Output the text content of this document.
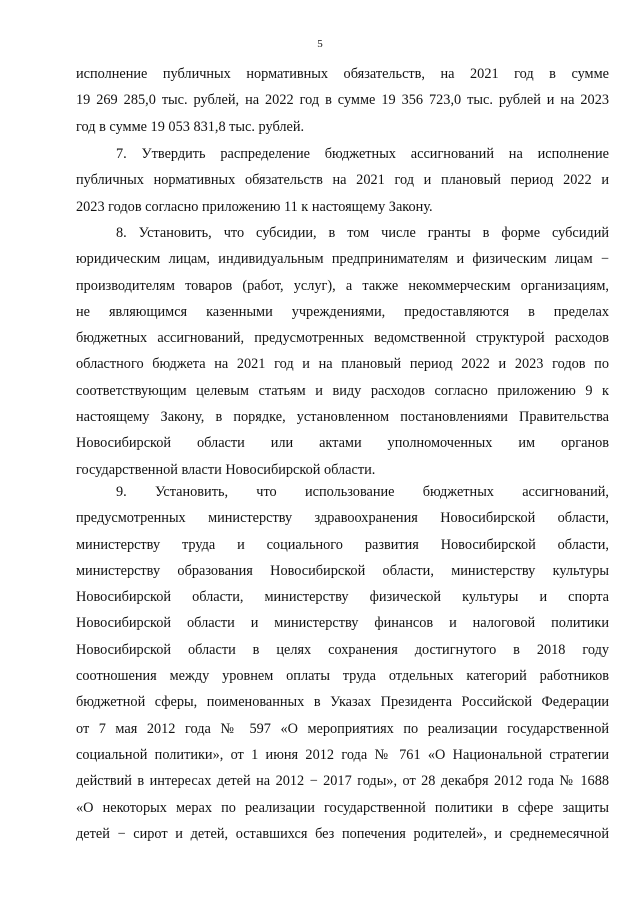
5
исполнение публичных нормативных обязательств, на 2021 год в сумме
19 269 285,0 тыс. рублей, на 2022 год в сумме 19 356 723,0 тыс. рублей и на 2023
год в сумме 19 053 831,8 тыс. рублей.
7. Утвердить распределение бюджетных ассигнований на исполнение
публичных нормативных обязательств на 2021 год и плановый период 2022 и
2023 годов согласно приложению 11 к настоящему Закону.
8. Установить, что субсидии, в том числе гранты в форме субсидий
юридическим лицам, индивидуальным предпринимателям и физическим лицам −
производителям товаров (работ, услуг), а также некоммерческим организациям,
не являющимся казенными учреждениями, предоставляются в пределах
бюджетных ассигнований, предусмотренных ведомственной структурой расходов
областного бюджета на 2021 год и на плановый период 2022 и 2023 годов по
соответствующим целевым статьям и виду расходов согласно приложению 9 к
настоящему Закону, в порядке, установленном постановлениями Правительства
Новосибирской области или актами уполномоченных им органов
государственной власти Новосибирской области.
9. Установить, что использование бюджетных ассигнований,
предусмотренных министерству здравоохранения Новосибирской области,
министерству труда и социального развития Новосибирской области,
министерству образования Новосибирской области, министерству культуры
Новосибирской области, министерству физической культуры и спорта
Новосибирской области и министерству финансов и налоговой политики
Новосибирской области в целях сохранения достигнутого в 2018 году
соотношения между уровнем оплаты труда отдельных категорий работников
бюджетной сферы, поименованных в Указах Президента Российской Федерации
от 7 мая 2012 года № 597 «О мероприятиях по реализации государственной
социальной политики», от 1 июня 2012 года № 761 «О Национальной стратегии
действий в интересах детей на 2012 − 2017 годы», от 28 декабря 2012 года № 1688
«О некоторых мерах по реализации государственной политики в сфере защиты
детей − сирот и детей, оставшихся без попечения родителей», и среднемесячной
